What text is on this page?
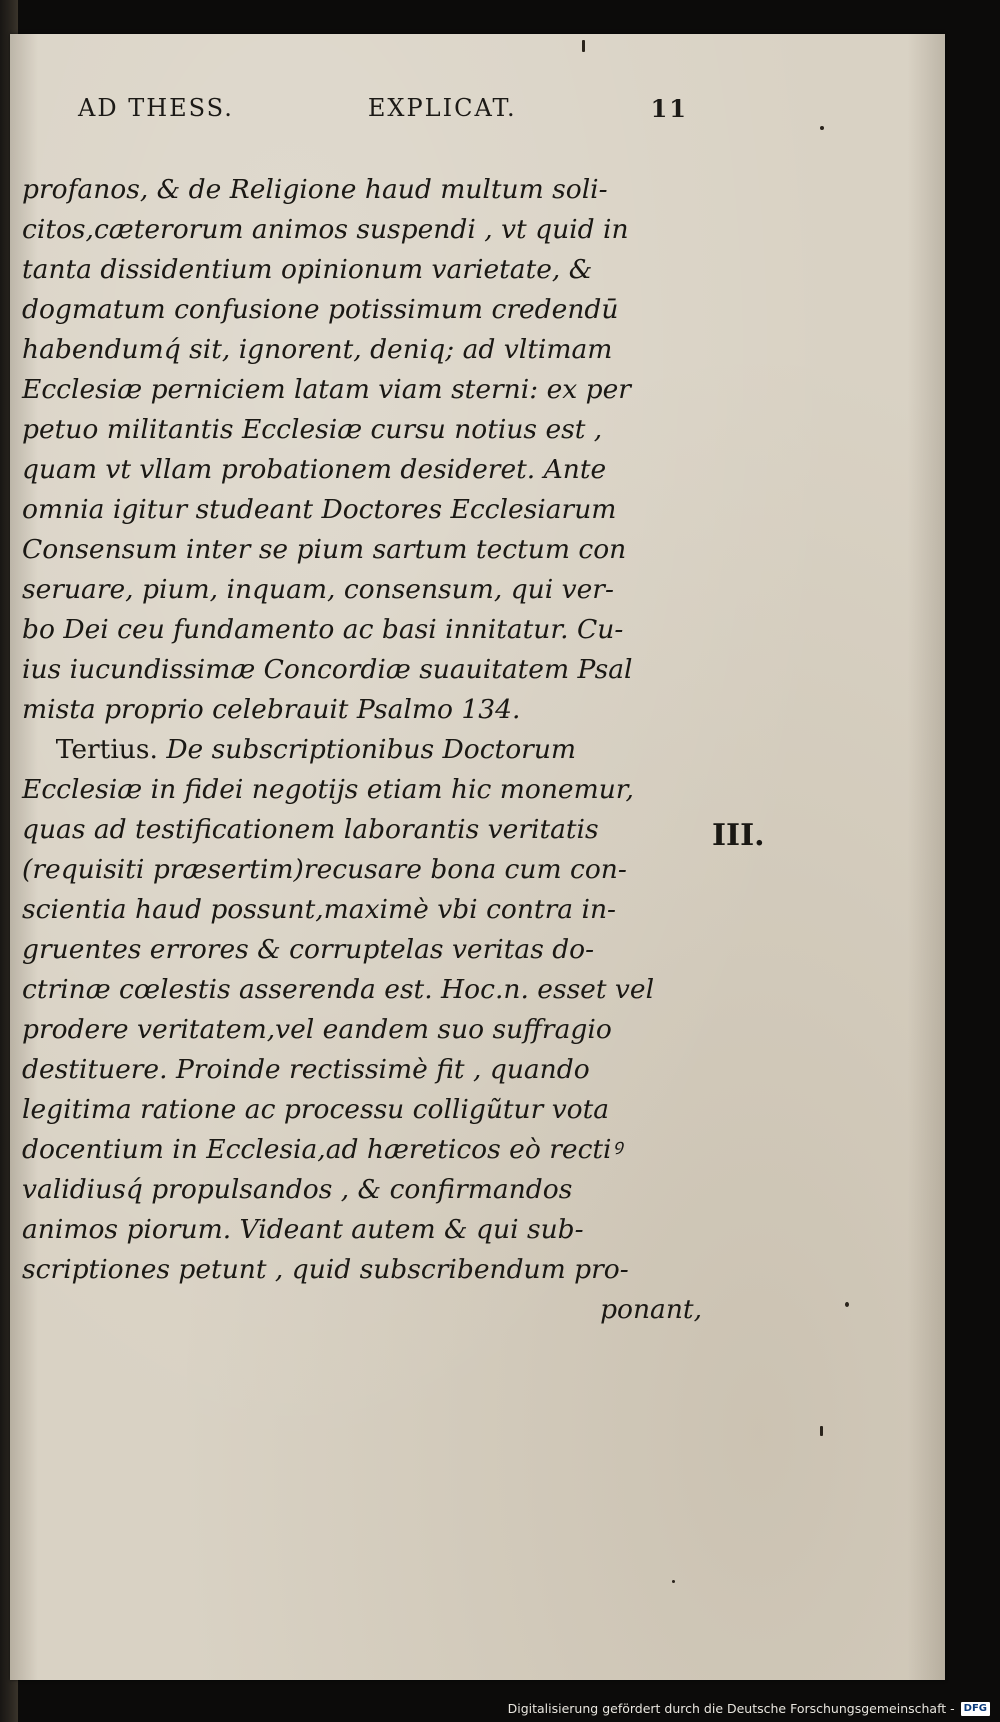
AD THESS.	EXPLICAT.	11
profanos, & de Religione haud multum soli-
citos,cæterorum animos suspendi , vt quid in
tanta dissidentium opinionum varietate, &
dogmatum confusione potissimum credendū
habendumq́ sit, ignorent, deniq; ad vltimam
Ecclesiæ perniciem latam viam sterni: ex per
petuo militantis Ecclesiæ cursu notius est ,
quam vt vllam probationem desideret. Ante
omnia igitur studeant Doctores Ecclesiarum
Consensum inter se pium sartum tectum con
seruare, pium, inquam, consensum, qui ver-
bo Dei ceu fundamento ac basi innitatur. Cu-
ius iucundissimæ Concordiæ suauitatem Psal
mista proprio celebrauit Psalmo 134.
Tertius. De subscriptionibus Doctorum
Ecclesiæ in fidei negotijs etiam hic monemur,
quas ad testificationem laborantis veritatis
(requisiti præsertim)recusare bona cum con-
scientia haud possunt,maximè vbi contra in-
gruentes errores & corruptelas veritas do-
ctrinæ cœlestis asserenda est. Hoc.n. esset vel
prodere veritatem,vel eandem suo suffragio
destituere. Proinde rectissimè fit , quando
legitima ratione ac processu colligũtur vota
docentium in Ecclesia,ad hæreticos eò rectiꝰ
validiusq́ propulsandos , & confirmandos
animos piorum. Videant autem & qui sub-
scriptiones petunt , quid subscribendum pro-
ponant,
III.
Digitalisierung gefördert durch die Deutsche Forschungsgemeinschaft - DFG
